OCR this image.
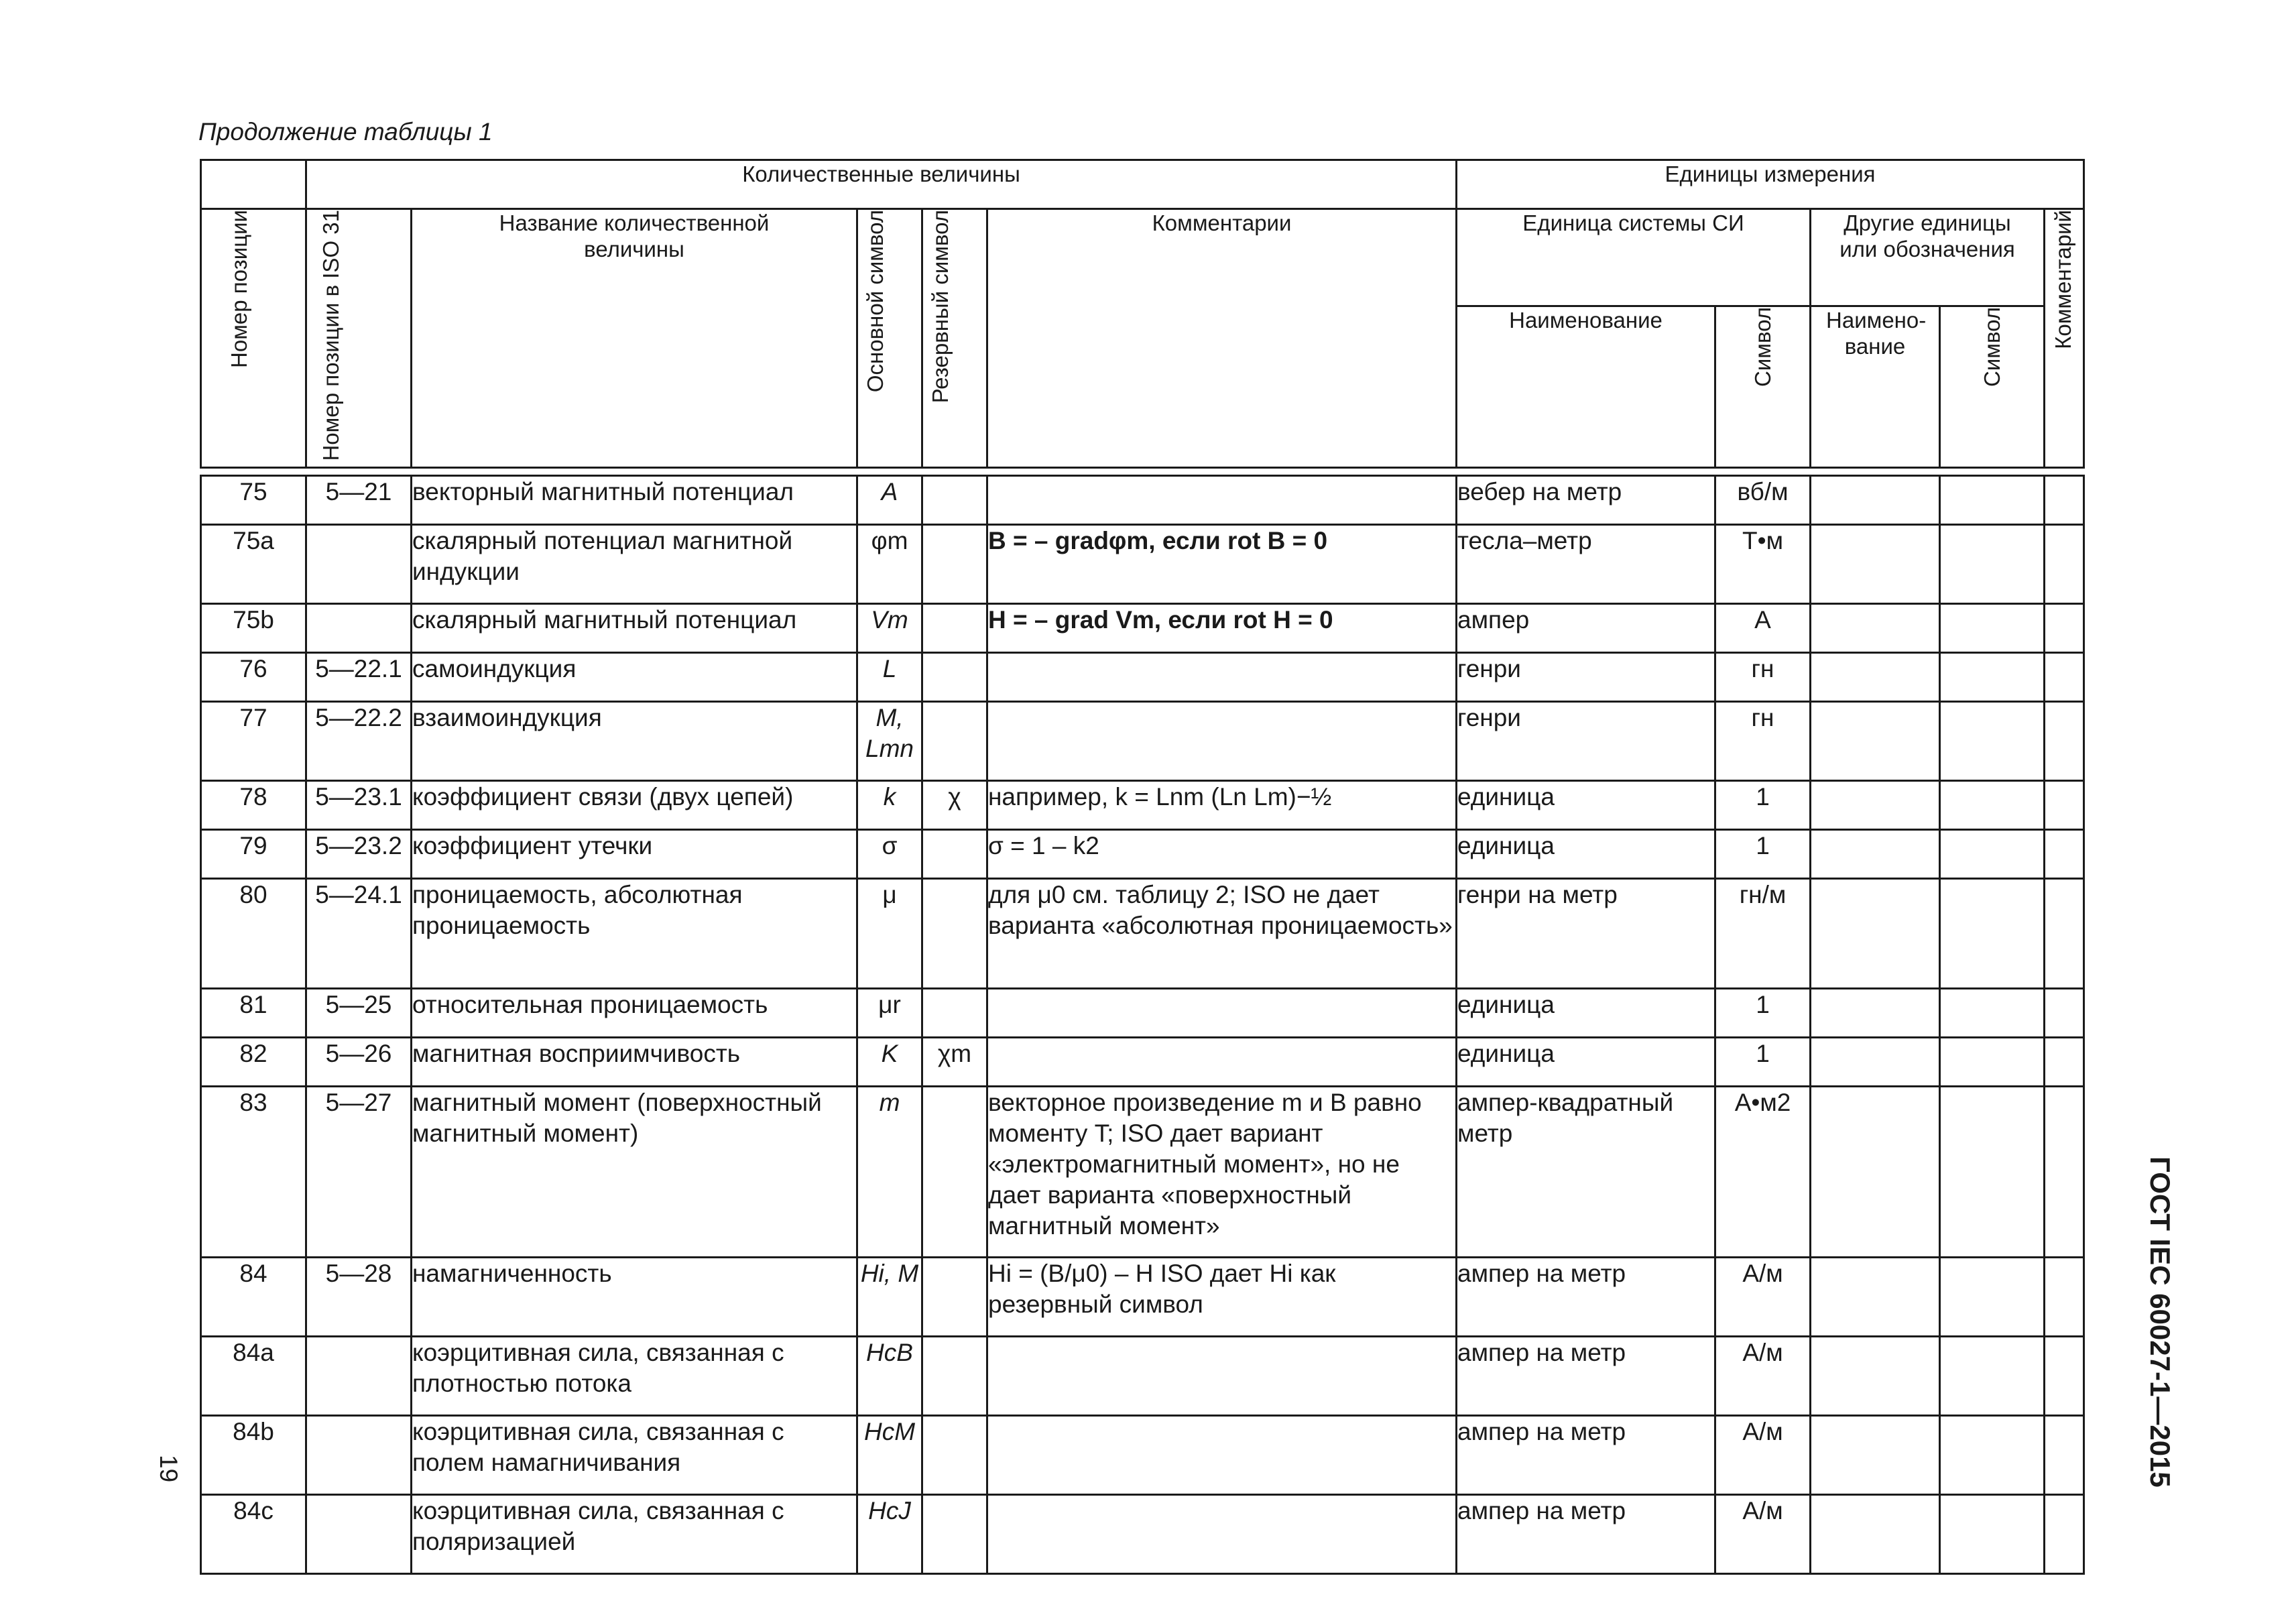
Продолжение таблицы 1
	Количественные величины					Единицы измерения				
Номер позиции	Номер позиции в ISO 31	Название количественной величины	Основной символ	Резервный символ	Комментарии	Единица системы СИ		Другие единицы или обозначения		Комментарий
						Наименование	Символ	Наимено-вание	Символ	

75	5—21	векторный магнитный потенциал	A			вебер на метр	вб/м			
75a		скалярный потенциал магнитной индукции	φm		B = – gradφm, если rot B = 0	тесла–метр	Т•м			
75b		скалярный магнитный потенциал	Vm		H = – grad Vm, если rot H = 0	ампер	A			
76	5—22.1	самоиндукция	L			генри	гн			
77	5—22.2	взаимоиндукция	M, Lmn			генри	гн			
78	5—23.1	коэффициент связи (двух цепей)	k	χ	например, k = Lnm (Ln Lm)−½	единица	1			
79	5—23.2	коэффициент утечки	σ		σ = 1 – k2	единица	1			
80	5—24.1	проницаемость, абсолютная проницаемость	μ		для μ0 см. таблицу 2; ISO не дает варианта «абсолютная проницаемость»	генри на метр	гн/м			
81	5—25	относительная проницаемость	μr			единица	1			
82	5—26	магнитная восприимчивость	K	χm		единица	1			
83	5—27	магнитный момент (поверхностный магнитный момент)	m		векторное произведение m и B равно моменту T; ISO дает вариант «электромагнитный момент», но не дает варианта «поверхностный магнитный момент»	ампер-квадратный метр	А•м2			
84	5—28	намагниченность	Hi, M		Hi = (B/μ0) – H ISO дает Hi как резервный символ	ампер на метр	А/м			
84a		коэрцитивная сила, связанная с плотностью потока	HcB			ампер на метр	А/м			
84b		коэрцитивная сила, связанная с полем намагничивания	HcM			ампер на метр	А/м			
84c		коэрцитивная сила, связанная с поляризацией	HcJ			ампер на метр	А/м			
ГОСТ IEC 60027-1—2015
19
